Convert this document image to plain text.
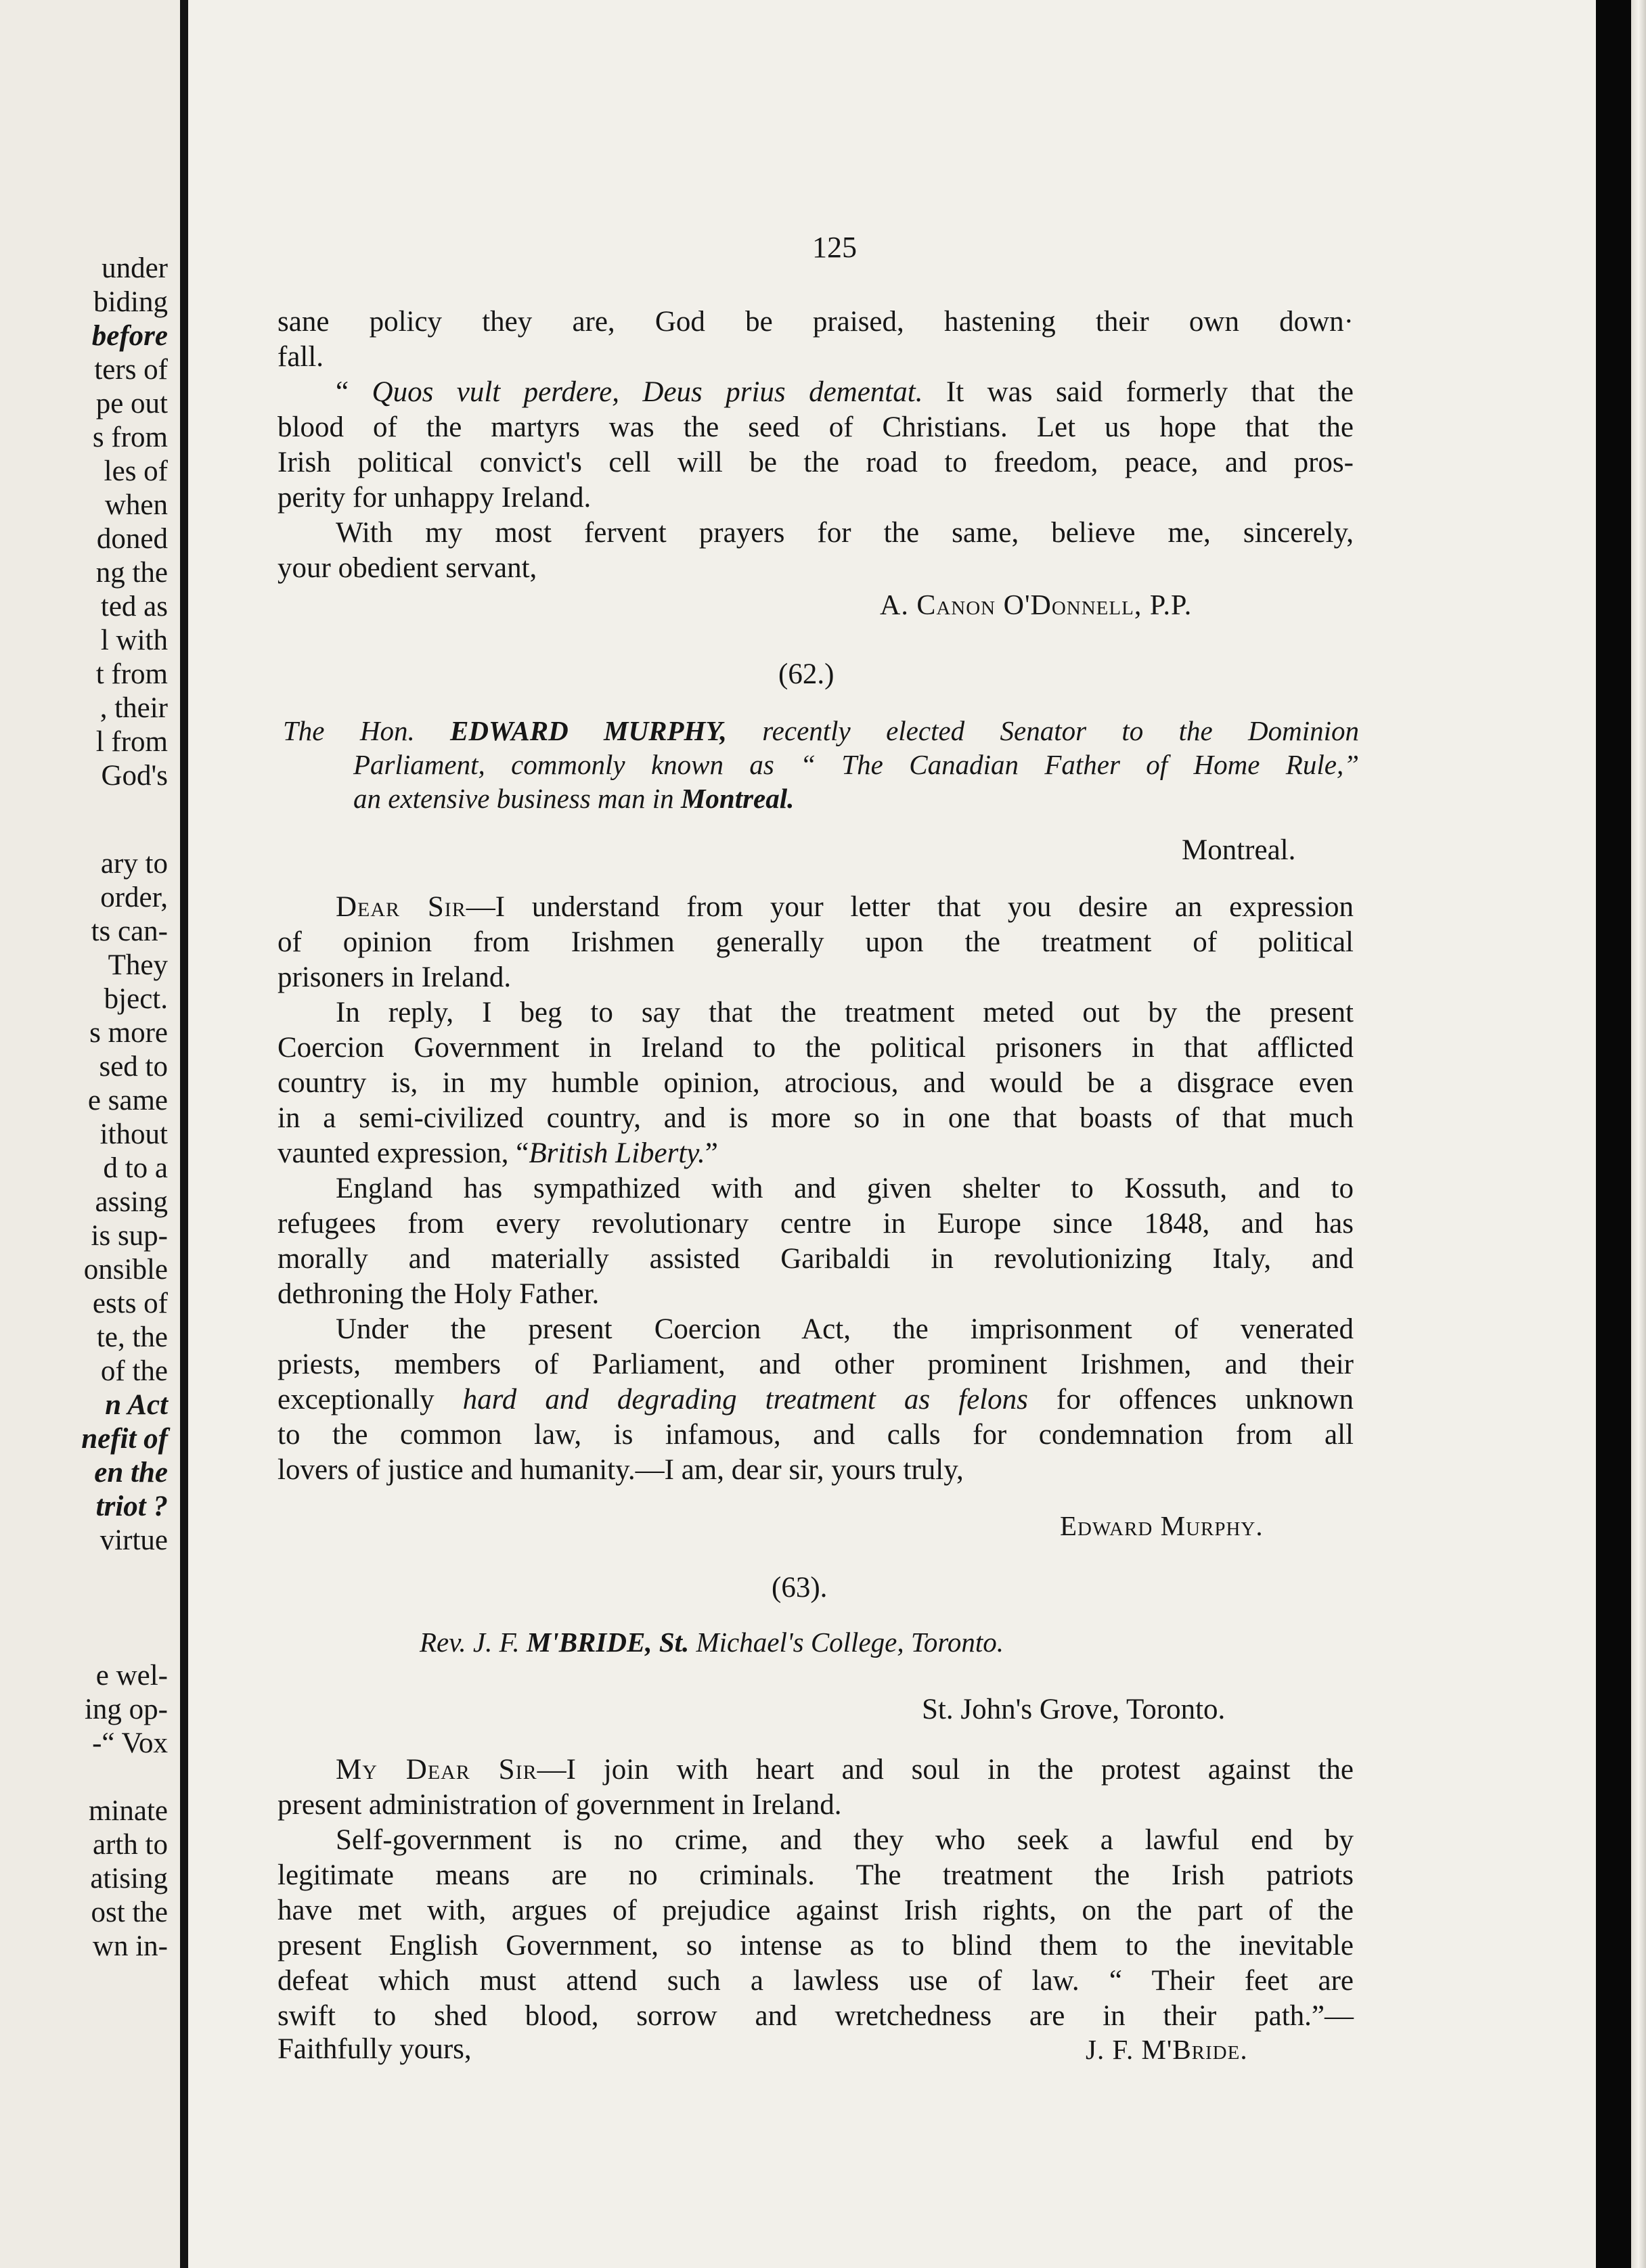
under
biding
before
ters of
pe out
s from
les of
when
doned
ng the
ted as
l with
t from
, their
l from
God's
ary to
order,
ts can-
They
bject.
s more
sed to
e same
ithout
d to a
assing
is sup-
onsible
ests of
te, the
of the
n Act
nefit of
en the
triot ?
virtue
e wel-
ing op-
-“ Vox
minate
arth to
atising
ost the
wn in-
125
sane policy they are, God be praised, hastening their own down·
fall.
“ Quos vult perdere, Deus prius dementat. It was said formerly that the
blood of the martyrs was the seed of Christians. Let us hope that the
Irish political convict's cell will be the road to freedom, peace, and pros-
perity for unhappy Ireland.
With my most fervent prayers for the same, believe me, sincerely,
your obedient servant,
A. Canon O'Donnell, P.P.
(62.)
The Hon. EDWARD MURPHY, recently elected Senator to the Dominion
Parliament, commonly known as “ The Canadian Father of Home Rule,”
an extensive business man in Montreal.
Montreal.
Dear Sir—I understand from your letter that you desire an expression
of opinion from Irishmen generally upon the treatment of political
prisoners in Ireland.
In reply, I beg to say that the treatment meted out by the present
Coercion Government in Ireland to the political prisoners in that afflicted
country is, in my humble opinion, atrocious, and would be a disgrace even
in a semi-civilized country, and is more so in one that boasts of that much
vaunted expression, “British Liberty.”
England has sympathized with and given shelter to Kossuth, and to
refugees from every revolutionary centre in Europe since 1848, and has
morally and materially assisted Garibaldi in revolutionizing Italy, and
dethroning the Holy Father.
Under the present Coercion Act, the imprisonment of venerated
priests, members of Parliament, and other prominent Irishmen, and their
exceptionally hard and degrading treatment as felons for offences unknown
to the common law, is infamous, and calls for condemnation from all
lovers of justice and humanity.—I am, dear sir, yours truly,
Edward Murphy.
(63).
Rev. J. F. M'BRIDE, St. Michael's College, Toronto.
St. John's Grove, Toronto.
My Dear Sir—I join with heart and soul in the protest against the
present administration of government in Ireland.
Self-government is no crime, and they who seek a lawful end by
legitimate means are no criminals. The treatment the Irish patriots
have met with, argues of prejudice against Irish rights, on the part of the
present English Government, so intense as to blind them to the inevitable
defeat which must attend such a lawless use of law. “ Their feet are
swift to shed blood, sorrow and wretchedness are in their path.”—
Faithfully yours,	J. F. M'Bride.
